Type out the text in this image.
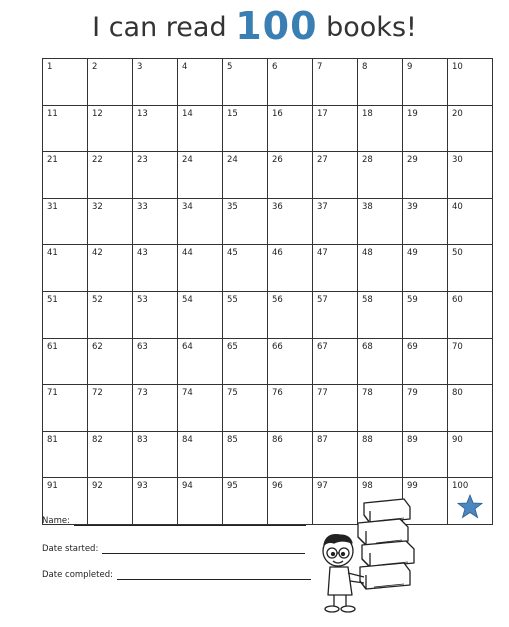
I can read 100 books!
1	2	3	4	5	6	7	8	9	10

11	12	13	14	15	16	17	18	19	20

21	22	23	24	24	26	27	28	29	30

31	32	33	34	35	36	37	38	39	40

41	42	43	44	45	46	47	48	49	50

51	52	53	54	55	56	57	58	59	60

61	62	63	64	65	66	67	68	69	70

71	72	73	74	75	76	77	78	79	80

81	82	83	84	85	86	87	88	89	90

91	92	93	94	95	96	97	98	99	100
Name:
Date started:
Date completed:
